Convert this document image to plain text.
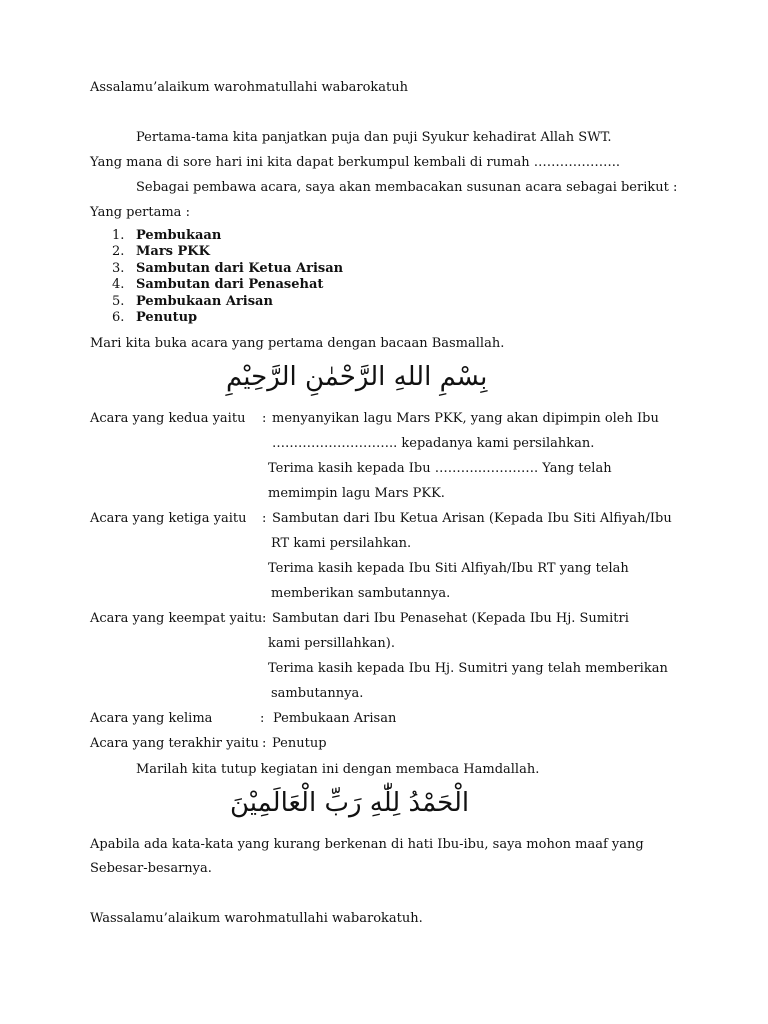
Assalamu’alaikum warohmatullahi wabarokatuh
Pertama-tama kita panjatkan puja dan puji Syukur kehadirat Allah SWT.
Yang mana di sore hari ini kita dapat berkumpul kembali di rumah ………………..
Sebagai pembawa acara, saya akan membacakan susunan acara sebagai berikut :
Yang pertama :
1. Pembukaan
2. Mars PKK
3. Sambutan dari Ketua Arisan
4. Sambutan dari Penasehat
5. Pembukaan Arisan
6. Penutup
Mari kita buka acara yang pertama dengan bacaan Basmallah.
بِسْمِ اللهِ الرَّحْمٰنِ الرَّحِيْمِ
Acara yang kedua yaitu : menyanyikan lagu Mars PKK, yang akan dipimpin oleh Ibu
……………………….. kepadanya kami persilahkan.
Terima kasih kepada Ibu ………..…………. Yang telah
memimpin lagu Mars PKK.
Acara yang ketiga yaitu : Sambutan dari Ibu Ketua Arisan (Kepada Ibu Siti Alfiyah/Ibu
RT kami persilahkan.
Terima kasih kepada Ibu Siti Alfiyah/Ibu RT yang telah
memberikan sambutannya.
Acara yang keempat yaitu : Sambutan dari Ibu Penasehat (Kepada Ibu Hj. Sumitri
kami persillahkan).
Terima kasih kepada Ibu Hj. Sumitri yang telah memberikan
sambutannya.
Acara yang kelima	: Pembukaan Arisan
Acara yang terakhir yaitu : Penutup
Marilah kita tutup kegiatan ini dengan membaca Hamdallah.
الْحَمْدُ لِلّٰهِ رَبِّ الْعَالَمِيْنَ
Apabila ada kata-kata yang kurang berkenan di hati Ibu-ibu, saya mohon maaf yang
Sebesar-besarnya.
Wassalamu’alaikum warohmatullahi wabarokatuh.
